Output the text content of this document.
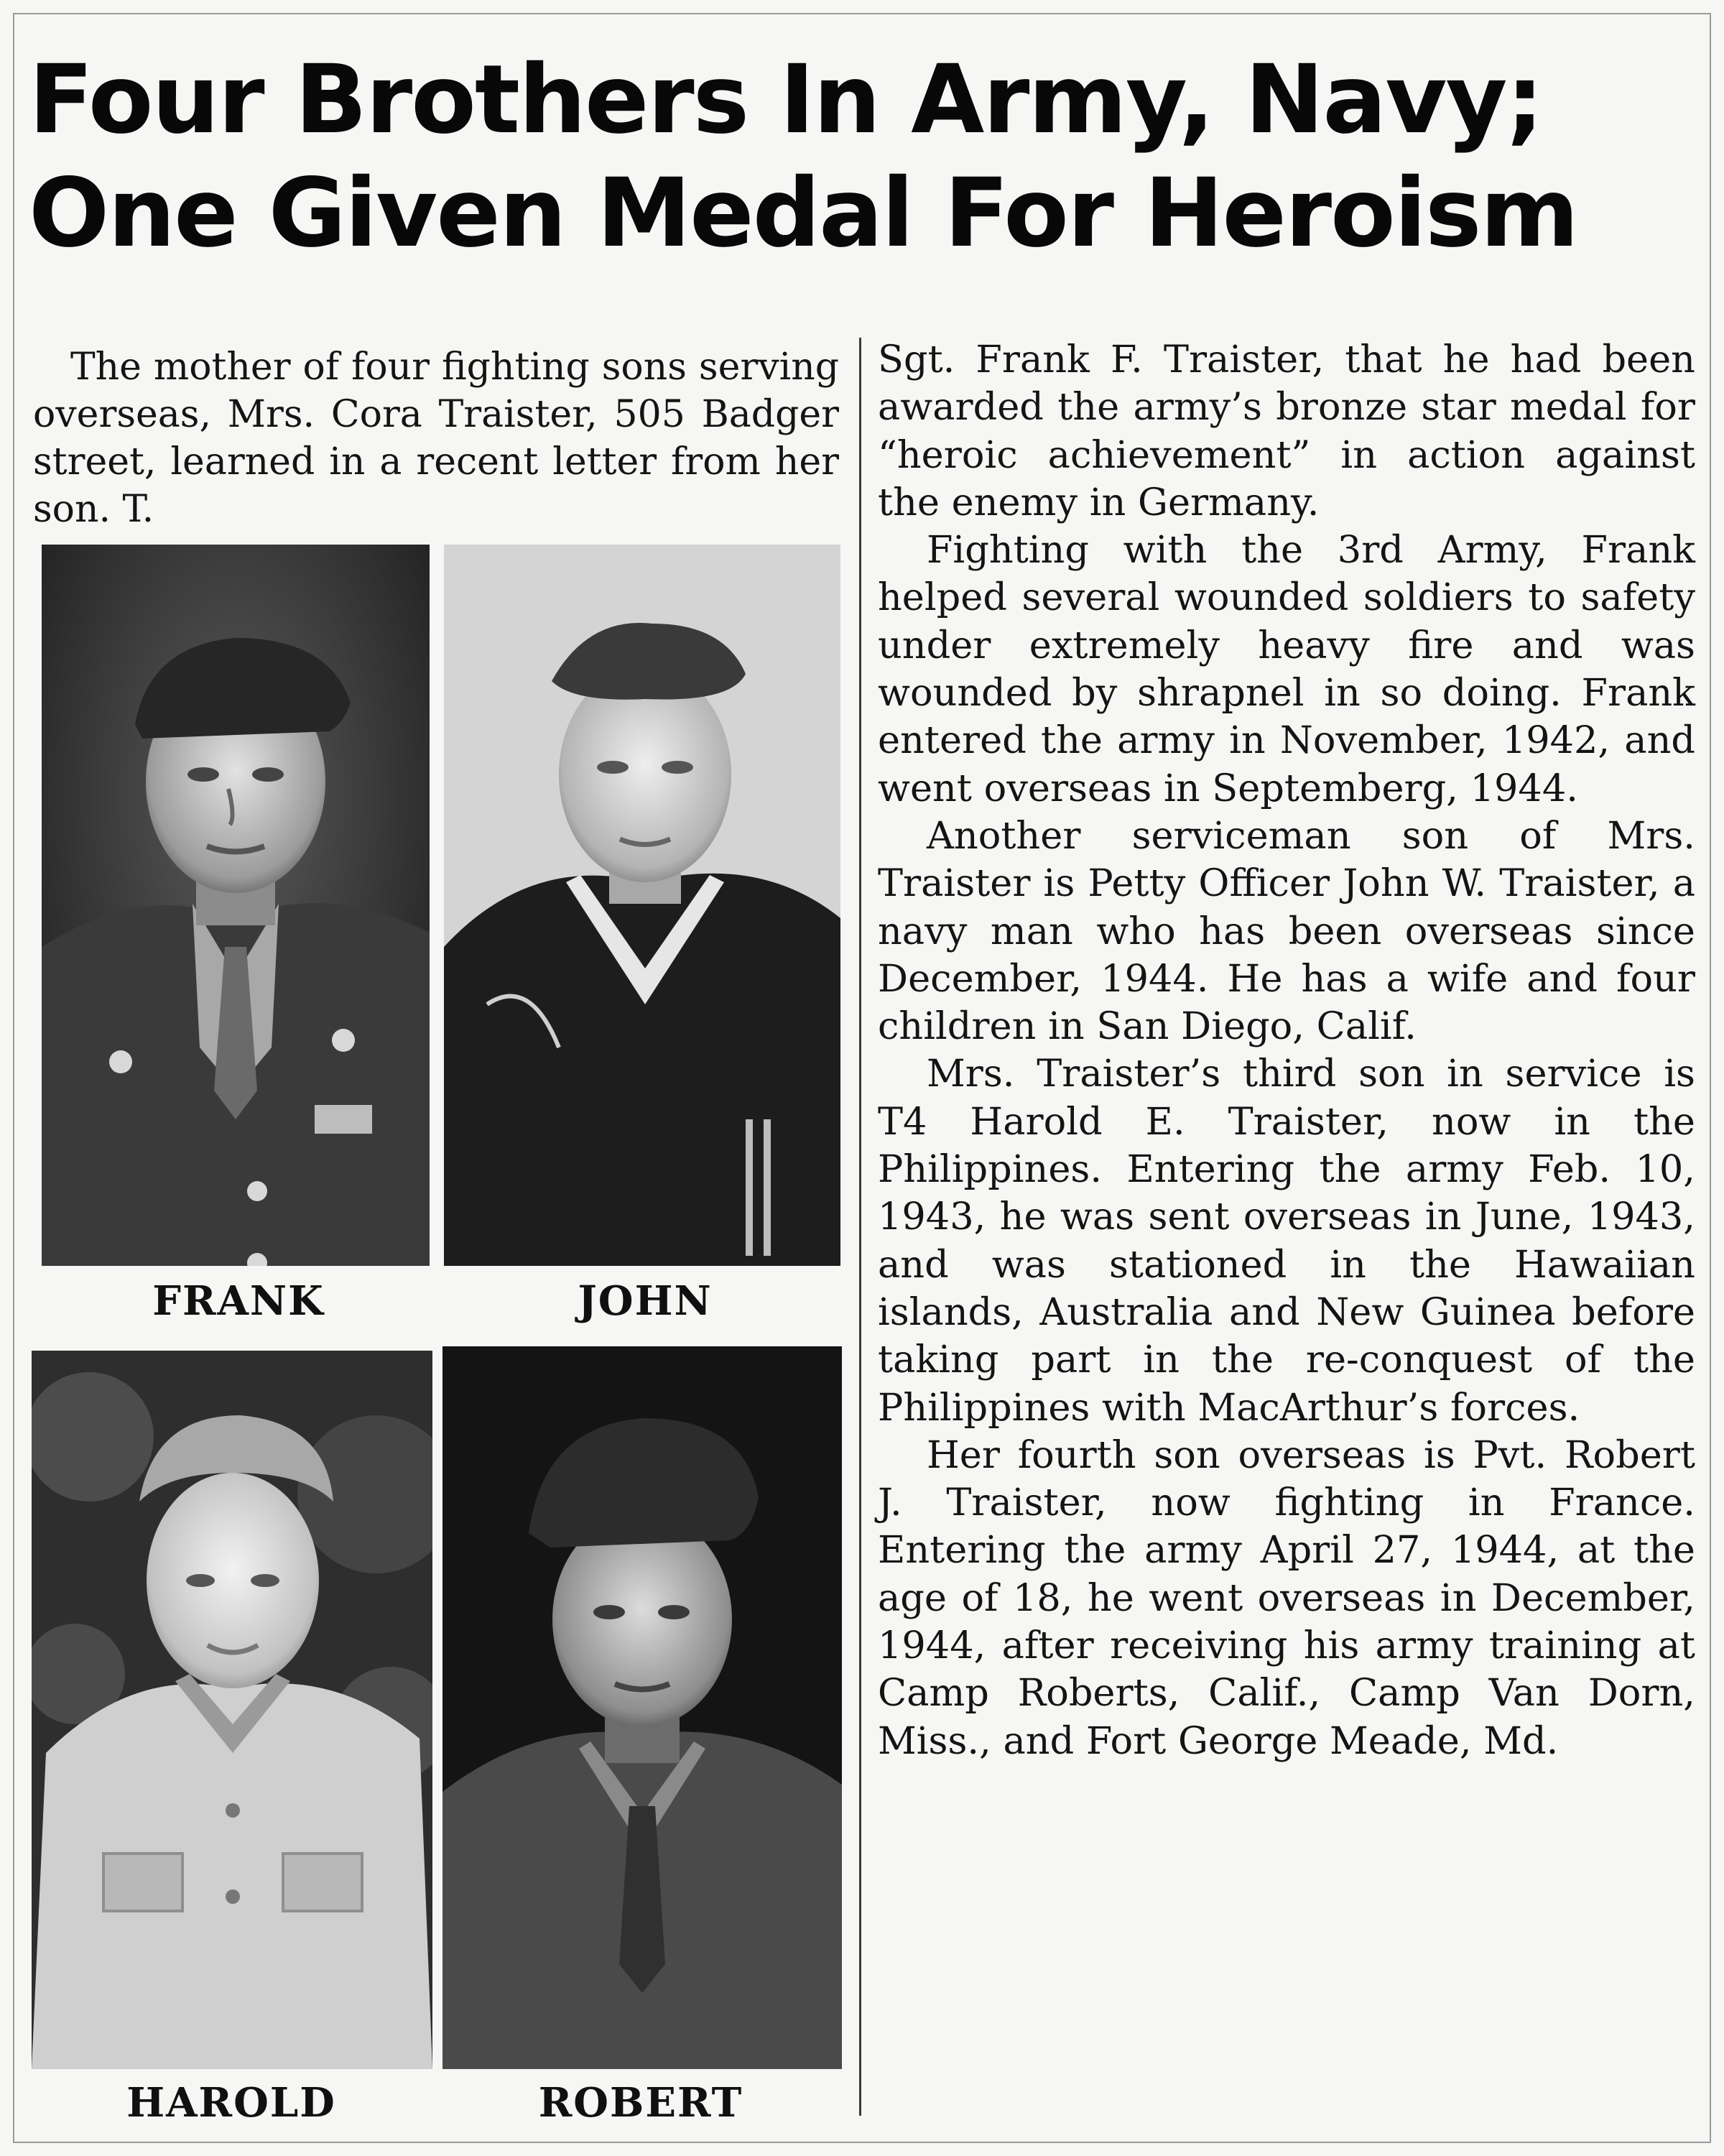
Four Brothers In Army, Navy;
One Given Medal For Heroism

The mother of four fighting sons serving overseas, Mrs. Cora Traister, 505 Badger street, learned in a recent letter from her son. T.

FRANK	JOHN
HAROLD	ROBERT

Sgt. Frank F. Traister, that he had been awarded the army’s bronze star medal for “heroic achievement” in action against the enemy in Germany.

Fighting with the 3rd Army, Frank helped several wounded soldiers to safety under extremely heavy fire and was wounded by shrapnel in so doing. Frank entered the army in November, 1942, and went overseas in Septemberg, 1944.

Another serviceman son of Mrs. Traister is Petty Officer John W. Traister, a navy man who has been overseas since December, 1944. He has a wife and four children in San Diego, Calif.

Mrs. Traister’s third son in service is T4 Harold E. Traister, now in the Philippines. Entering the army Feb. 10, 1943, he was sent overseas in June, 1943, and was stationed in the Hawaiian islands, Australia and New Guinea before taking part in the re-conquest of the Philippines with MacArthur’s forces.

Her fourth son overseas is Pvt. Robert J. Traister, now fighting in France. Entering the army April 27, 1944, at the age of 18, he went overseas in December, 1944, after receiving his army training at Camp Roberts, Calif., Camp Van Dorn, Miss., and Fort George Meade, Md.
